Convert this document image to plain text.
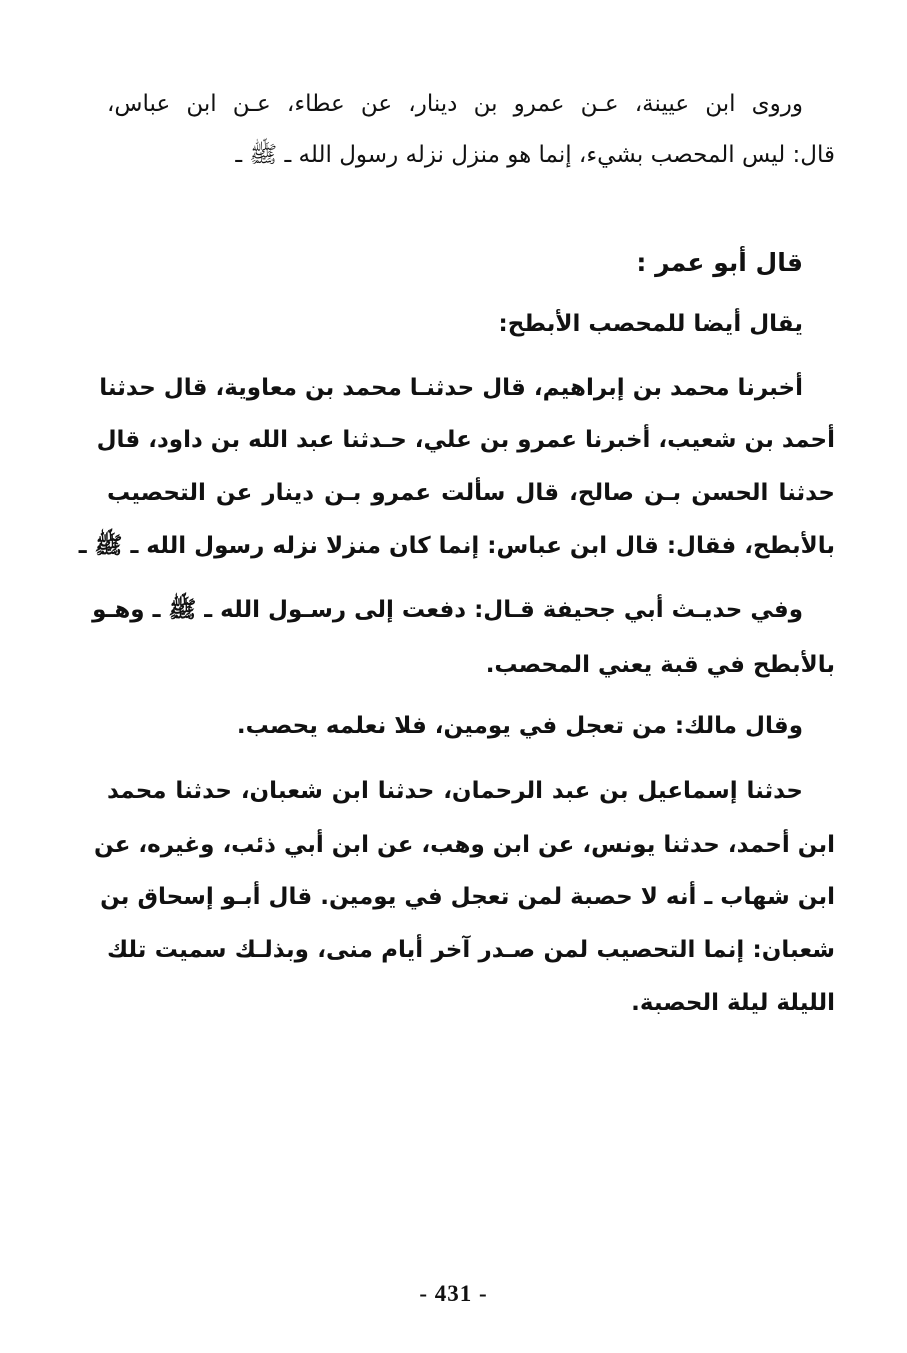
وروى ابن عيينة، عـن عمرو بن دينار، عن عطاء، عـن ابن عباس،

قال: ليس المحصب بشيء، إنما هو منزل نزله رسول الله ـ ﷺ ـ

قال أبو عمر :

يقال أيضا للمحصب الأبطح:

أخبرنا محمد بن إبراهيم، قال حدثنـا محمد بن معاوية، قال حدثنا

أحمد بن شعيب، أخبرنا عمرو بن علي، حـدثنا عبد الله بن داود، قال

حدثنا الحسن بـن صالح، قال سألت عمرو بـن دينار عن التحصيب

بالأبطح، فقال: قال ابن عباس: إنما كان منزلا نزله رسول الله ـ ﷺ ـ

وفي حديـث أبي جحيفة قـال: دفعت إلى رسـول الله ـ ﷺ ـ وهـو

بالأبطح في قبة يعني المحصب.

وقال مالك: من تعجل في يومين، فلا نعلمه يحصب.

حدثنا إسماعيل بن عبد الرحمان، حدثنا ابن شعبان، حدثنا محمد

ابن أحمد، حدثنا يونس، عن ابن وهب، عن ابن أبي ذئب، وغيره، عن

ابن شهاب ـ أنه لا حصبة لمن تعجل في يومين. قال أبـو إسحاق بن

شعبان: إنما التحصيب لمن صـدر آخر أيام منى، وبذلـك سميت تلك

الليلة ليلة الحصبة.

- 431 -
